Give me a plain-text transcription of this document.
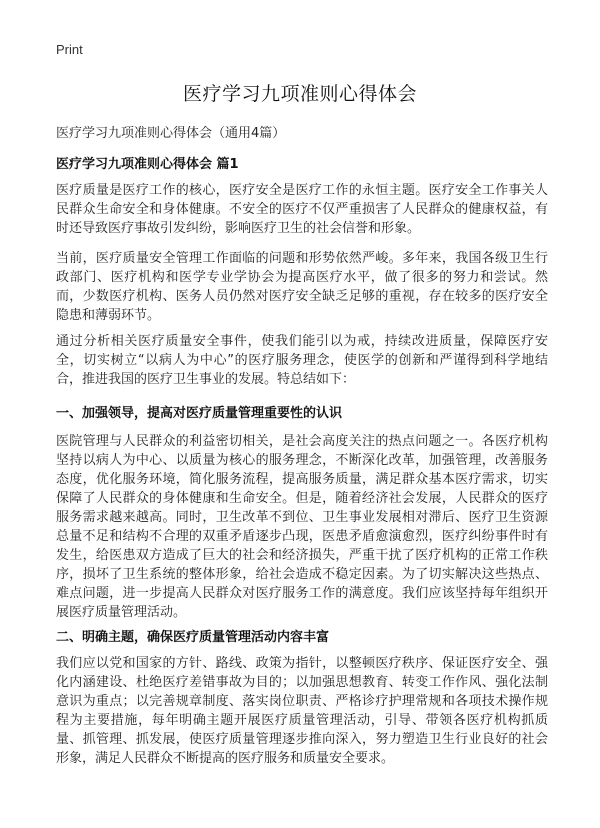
Print
医疗学习九项准则心得体会
医疗学习九项准则心得体会（通用4篇）
医疗学习九项准则心得体会 篇1

医疗质量是医疗工作的核心，医疗安全是医疗工作的永恒主题。医疗安全工作事关人民群众生命安全和身体健康。不安全的医疗不仅严重损害了人民群众的健康权益，有时还导致医疗事故引发纠纷，影响医疗卫生的社会信誉和形象。

当前，医疗质量安全管理工作面临的问题和形势依然严峻。多年来，我国各级卫生行政部门、医疗机构和医学专业学协会为提高医疗水平，做了很多的努力和尝试。然而，少数医疗机构、医务人员仍然对医疗安全缺乏足够的重视，存在较多的医疗安全隐患和薄弱环节。

通过分析相关医疗质量安全事件，使我们能引以为戒，持续改进质量，保障医疗安全，切实树立“以病人为中心”的医疗服务理念，使医学的创新和严谨得到科学地结合，推进我国的医疗卫生事业的发展。特总结如下：

一、加强领导，提高对医疗质量管理重要性的认识

医院管理与人民群众的利益密切相关，是社会高度关注的热点问题之一。各医疗机构坚持以病人为中心、以质量为核心的服务理念，不断深化改革，加强管理，改善服务态度，优化服务环境，简化服务流程，提高服务质量，满足群众基本医疗需求，切实保障了人民群众的身体健康和生命安全。但是，随着经济社会发展，人民群众的医疗服务需求越来越高。同时，卫生改革不到位、卫生事业发展相对滞后、医疗卫生资源总量不足和结构不合理的双重矛盾逐步凸现，医患矛盾愈演愈烈，医疗纠纷事件时有发生，给医患双方造成了巨大的社会和经济损失，严重干扰了医疗机构的正常工作秩序，损坏了卫生系统的整体形象，给社会造成不稳定因素。为了切实解决这些热点、难点问题，进一步提高人民群众对医疗服务工作的满意度。我们应该坚持每年组织开展医疗质量管理活动。

二、明确主题，确保医疗质量管理活动内容丰富

我们应以党和国家的方针、路线、政策为指针，以整顿医疗秩序、保证医疗安全、强化内涵建设、杜绝医疗差错事故为目的；以加强思想教育、转变工作作风、强化法制意识为重点；以完善规章制度、落实岗位职责、严格诊疗护理常规和各项技术操作规程为主要措施，每年明确主题开展医疗质量管理活动，引导、带领各医疗机构抓质量、抓管理、抓发展，使医疗质量管理逐步推向深入，努力塑造卫生行业良好的社会形象，满足人民群众不断提高的医疗服务和质量安全要求。
